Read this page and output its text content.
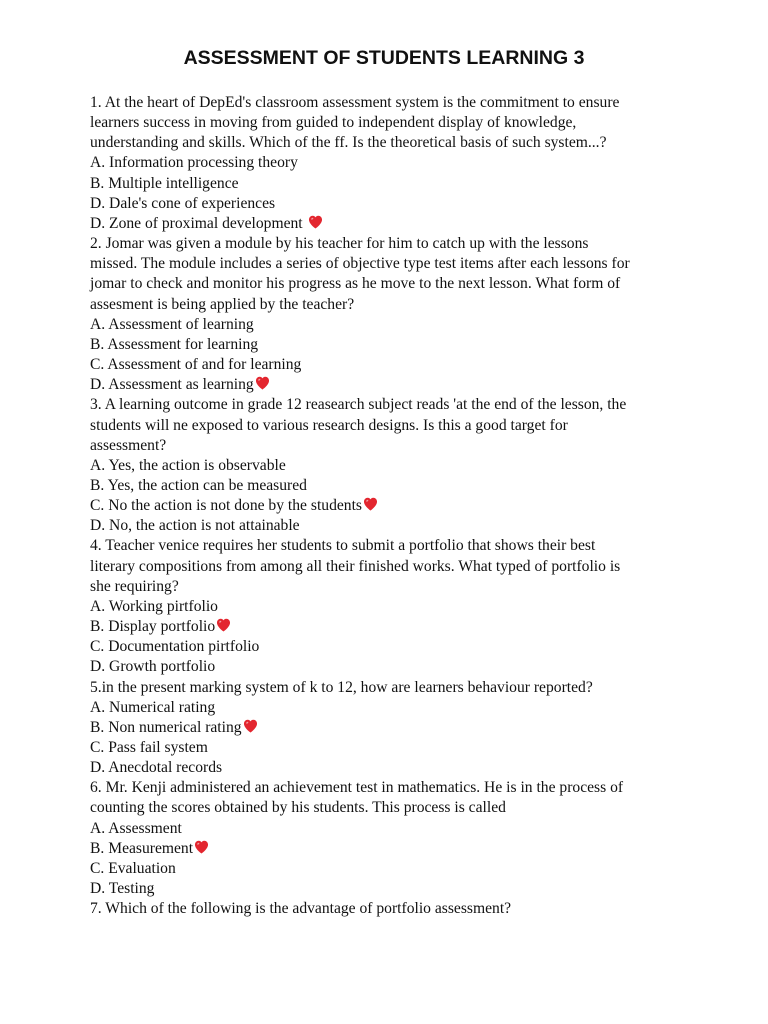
ASSESSMENT OF STUDENTS LEARNING 3
1. At the heart of DepEd's classroom assessment system is the commitment to ensure
learners success in moving from guided to independent display of knowledge,
understanding and skills. Which of the ff. Is the theoretical basis of such system...?
A. Information processing theory
B. Multiple intelligence
D. Dale's cone of experiences
D. Zone of proximal development
2. Jomar was given a module by his teacher for him to catch up with the lessons
missed. The module includes a series of objective type test items after each lessons for
jomar to check and monitor his progress as he move to the next lesson. What form of
assesment is being applied by the teacher?
A. Assessment of learning
B. Assessment for learning
C. Assessment of and for learning
D. Assessment as learning
3. A learning outcome in grade 12 reasearch subject reads 'at the end of the lesson, the
students will ne exposed to various research designs. Is this a good target for
assessment?
A. Yes, the action is observable
B. Yes, the action can be measured
C. No the action is not done by the students
D. No, the action is not attainable
4. Teacher venice requires her students to submit a portfolio that shows their best
literary compositions from among all their finished works. What typed of portfolio is
she requiring?
A. Working pirtfolio
B. Display portfolio
C. Documentation pirtfolio
D. Growth portfolio
5.in the present marking system of k to 12, how are learners behaviour reported?
A. Numerical rating
B. Non numerical rating
C. Pass fail system
D. Anecdotal records
6. Mr. Kenji administered an achievement test in mathematics. He is in the process of
counting the scores obtained by his students. This process is called
A. Assessment
B. Measurement
C. Evaluation
D. Testing
7. Which of the following is the advantage of portfolio assessment?
